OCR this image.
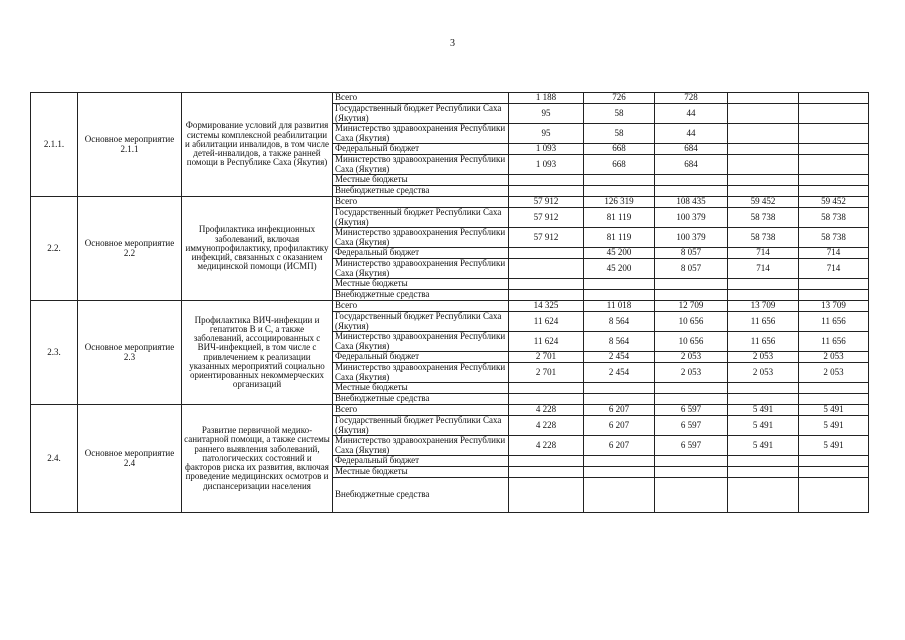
3
2.1.1.	Основное мероприятие 2.1.1	Формирование условий для развития системы комплексной реабилитации и абилитации инвалидов, в том числе детей-инвалидов, а также ранней помощи в Республике Саха (Якутия)	Всего	1 188	726	728		
			Государственный бюджет Республики Саха (Якутия)	95	58	44		
			Министерство здравоохранения Республики Саха (Якутия)	95	58	44		
			Федеральный бюджет	1 093	668	684		
			Министерство здравоохранения Республики Саха (Якутия)	1 093	668	684		
			Местные бюджеты					
			Внебюджетные средства					
2.2.	Основное мероприятие 2.2	Профилактика инфекционных заболеваний, включая иммунопрофилактику, профилактику инфекций, связанных с оказанием медицинской помощи (ИСМП)	Всего	57 912	126 319	108 435	59 452	59 452
			Государственный бюджет Республики Саха (Якутия)	57 912	81 119	100 379	58 738	58 738
			Министерство здравоохранения Республики Саха (Якутия)	57 912	81 119	100 379	58 738	58 738
			Федеральный бюджет		45 200	8 057	714	714
			Министерство здравоохранения Республики Саха (Якутия)		45 200	8 057	714	714
			Местные бюджеты					
			Внебюджетные средства					
2.3.	Основное мероприятие 2.3	Профилактика ВИЧ-инфекции и гепатитов B и C, а также заболеваний, ассоциированных с ВИЧ-инфекцией, в том числе с привлечением к реализации указанных мероприятий социально ориентированных некоммерческих организаций	Всего	14 325	11 018	12 709	13 709	13 709
			Государственный бюджет Республики Саха (Якутия)	11 624	8 564	10 656	11 656	11 656
			Министерство здравоохранения Республики Саха (Якутия)	11 624	8 564	10 656	11 656	11 656
			Федеральный бюджет	2 701	2 454	2 053	2 053	2 053
			Министерство здравоохранения Республики Саха (Якутия)	2 701	2 454	2 053	2 053	2 053
			Местные бюджеты					
			Внебюджетные средства					
2.4.	Основное мероприятие 2.4	Развитие первичной медико-санитарной помощи, а также системы раннего выявления заболеваний, патологических состояний и факторов риска их развития, включая проведение медицинских осмотров и диспансеризации населения	Всего	4 228	6 207	6 597	5 491	5 491
			Государственный бюджет Республики Саха (Якутия)	4 228	6 207	6 597	5 491	5 491
			Министерство здравоохранения Республики Саха (Якутия)	4 228	6 207	6 597	5 491	5 491
			Федеральный бюджет					
			Местные бюджеты					
			Внебюджетные средства					
